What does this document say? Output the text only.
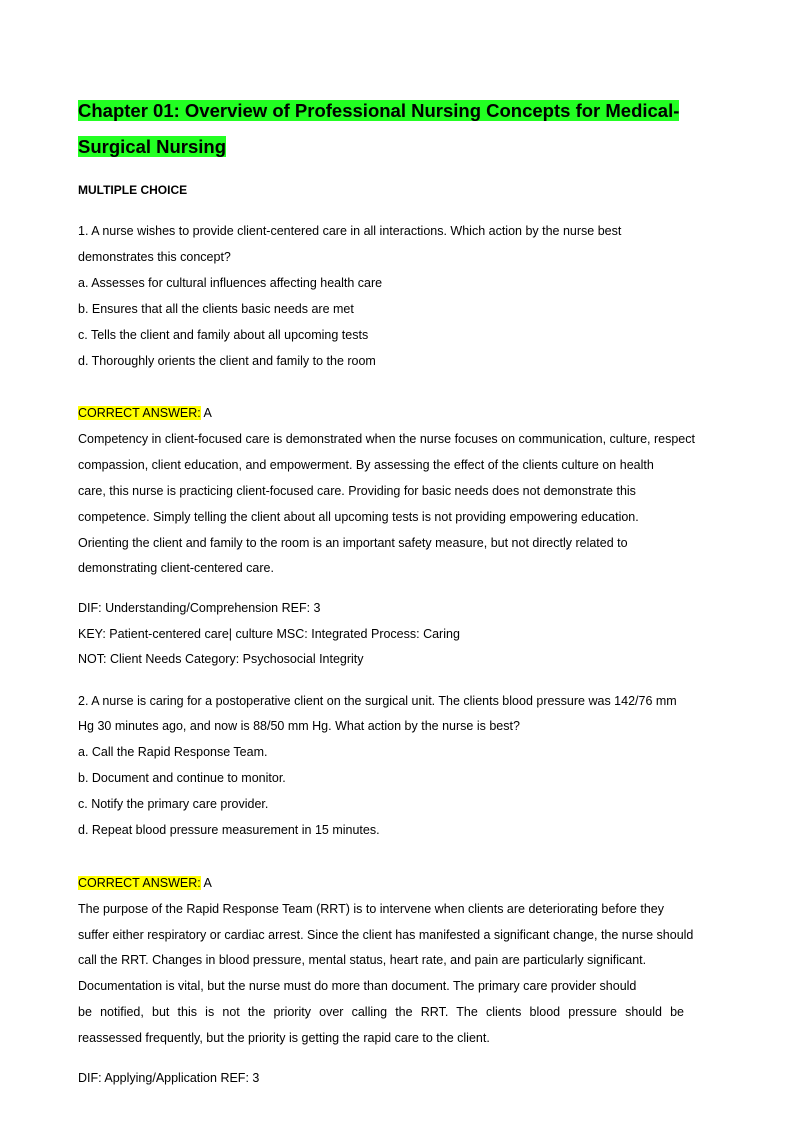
Chapter 01: Overview of Professional Nursing Concepts for Medical- Surgical Nursing
MULTIPLE CHOICE
1. A nurse wishes to provide client-centered care in all interactions. Which action by the nurse best
demonstrates this concept?
a. Assesses for cultural influences affecting health care
b. Ensures that all the clients basic needs are met
c. Tells the client and family about all upcoming tests
d. Thoroughly orients the client and family to the room
CORRECT ANSWER: A
Competency in client-focused care is demonstrated when the nurse focuses on communication, culture, respect
compassion, client education, and empowerment. By assessing the effect of the clients culture on health
care, this nurse is practicing client-focused care. Providing for basic needs does not demonstrate this
competence. Simply telling the client about all upcoming tests is not providing empowering education.
Orienting the client and family to the room is an important safety measure, but not directly related to
demonstrating client-centered care.
DIF: Understanding/Comprehension REF: 3
KEY: Patient-centered care| culture MSC: Integrated Process: Caring
NOT: Client Needs Category: Psychosocial Integrity
2. A nurse is caring for a postoperative client on the surgical unit. The clients blood pressure was 142/76 mm
Hg 30 minutes ago, and now is 88/50 mm Hg. What action by the nurse is best?
a. Call the Rapid Response Team.
b. Document and continue to monitor.
c. Notify the primary care provider.
d. Repeat blood pressure measurement in 15 minutes.
CORRECT ANSWER: A
The purpose of the Rapid Response Team (RRT) is to intervene when clients are deteriorating before they
suffer either respiratory or cardiac arrest. Since the client has manifested a significant change, the nurse should
call the RRT. Changes in blood pressure, mental status, heart rate, and pain are particularly significant.
Documentation is vital, but the nurse must do more than document. The primary care provider should
be notified, but this is not the priority over calling the RRT. The clients blood pressure should be
reassessed frequently, but the priority is getting the rapid care to the client.
DIF: Applying/Application REF: 3
